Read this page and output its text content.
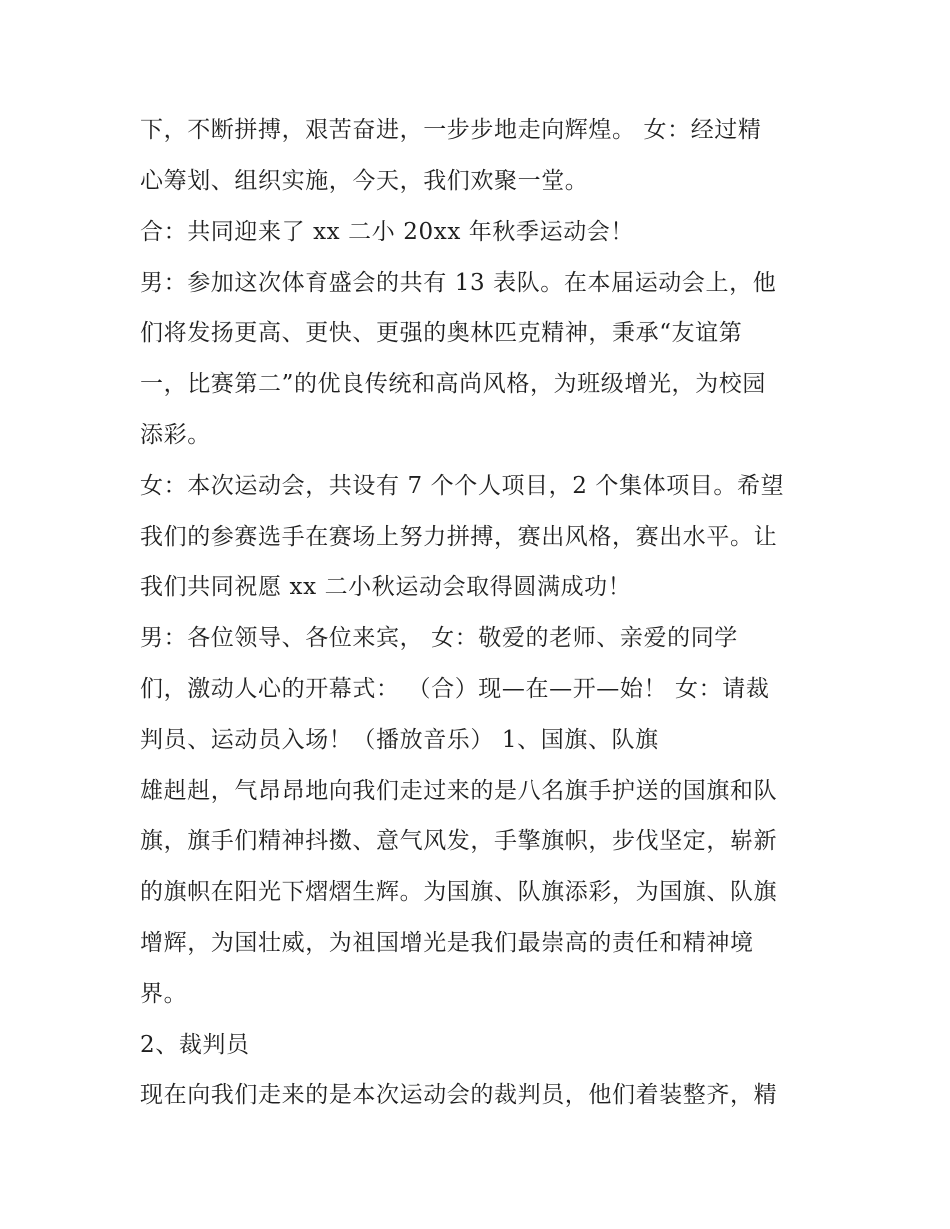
下，不断拼搏，艰苦奋进，一步步地走向辉煌。 女：经过精
心筹划、组织实施，今天，我们欢聚一堂。
合：共同迎来了 xx 二小 20xx 年秋季运动会！
男：参加这次体育盛会的共有 13 表队。在本届运动会上，他
们将发扬更高、更快、更强的奥林匹克精神，秉承“友谊第
一，比赛第二”的优良传统和高尚风格，为班级增光，为校园
添彩。
女：本次运动会，共设有 7 个个人项目，2 个集体项目。希望
我们的参赛选手在赛场上努力拼搏，赛出风格，赛出水平。让
我们共同祝愿 xx 二小秋运动会取得圆满成功！
男：各位领导、各位来宾， 女：敬爱的老师、亲爱的同学
们，激动人心的开幕式： （合）现—在—开—始！ 女：请裁
判员、运动员入场！（播放音乐） 1、国旗、队旗
雄赳赳，气昂昂地向我们走过来的是八名旗手护送的国旗和队
旗，旗手们精神抖擞、意气风发，手擎旗帜，步伐坚定，崭新
的旗帜在阳光下熠熠生辉。为国旗、队旗添彩，为国旗、队旗
增辉，为国壮威，为祖国增光是我们最崇高的责任和精神境
界。
2、裁判员
现在向我们走来的是本次运动会的裁判员，他们着装整齐，精
